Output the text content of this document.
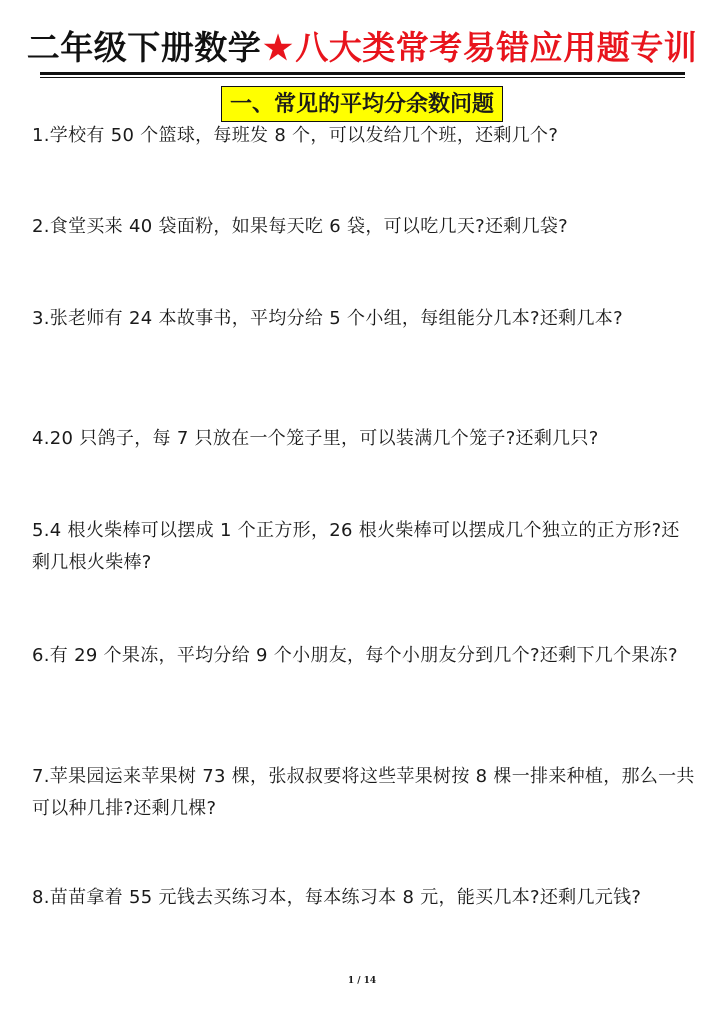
二年级下册数学★八大类常考易错应用题专训
一、常见的平均分余数问题
1.学校有 50 个篮球，每班发 8 个，可以发给几个班，还剩几个?
2.食堂买来 40 袋面粉，如果每天吃 6 袋，可以吃几天?还剩几袋?
3.张老师有 24 本故事书，平均分给 5 个小组，每组能分几本?还剩几本?
4.20 只鸽子，每 7 只放在一个笼子里，可以装满几个笼子?还剩几只?
5.4 根火柴棒可以摆成 1 个正方形，26 根火柴棒可以摆成几个独立的正方形?还剩几根火柴棒?
6.有 29 个果冻，平均分给 9 个小朋友，每个小朋友分到几个?还剩下几个果冻?
7.苹果园运来苹果树 73 棵，张叔叔要将这些苹果树按 8 棵一排来种植，那么一共可以种几排?还剩几棵?
8.苗苗拿着 55 元钱去买练习本，每本练习本 8 元，能买几本?还剩几元钱?
1 / 14
